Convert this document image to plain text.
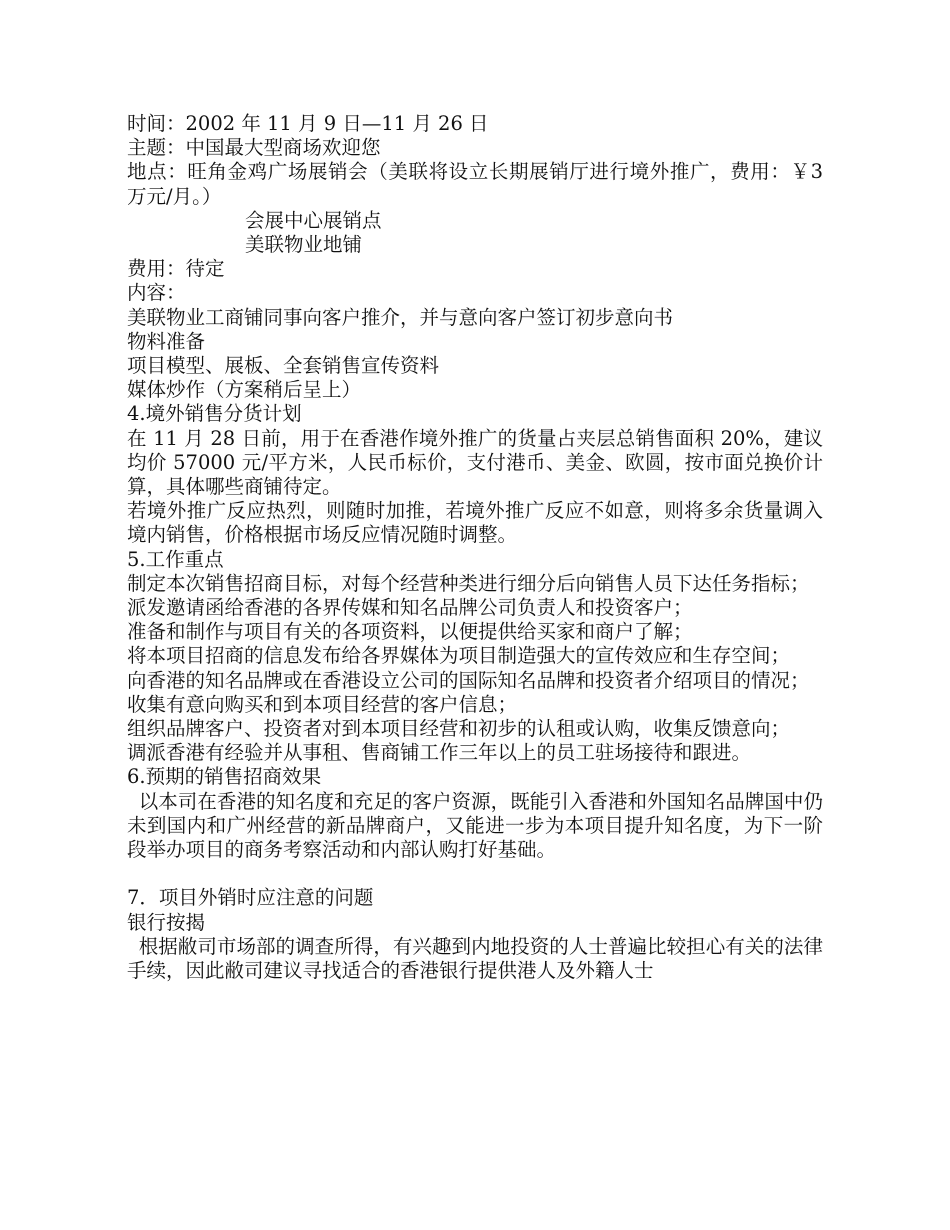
时间：2002 年 11 月 9 日—11 月 26 日

主题：中国最大型商场欢迎您

地点：旺角金鸡广场展销会（美联将设立长期展销厅进行境外推广，费用：￥3 万元/月。）

会展中心展销点

美联物业地铺

费用：待定

内容：

美联物业工商铺同事向客户推介，并与意向客户签订初步意向书

物料准备

项目模型、展板、全套销售宣传资料

媒体炒作（方案稍后呈上）

4.境外销售分货计划

在 11 月 28 日前，用于在香港作境外推广的货量占夹层总销售面积 20%，建议均价 57000 元/平方米，人民币标价，支付港币、美金、欧圆，按市面兑换价计算，具体哪些商铺待定。

若境外推广反应热烈，则随时加推，若境外推广反应不如意，则将多余货量调入境内销售，价格根据市场反应情况随时调整。

5.工作重点

制定本次销售招商目标，对每个经营种类进行细分后向销售人员下达任务指标；

派发邀请函给香港的各界传媒和知名品牌公司负责人和投资客户；

准备和制作与项目有关的各项资料，以便提供给买家和商户了解；

将本项目招商的信息发布给各界媒体为项目制造强大的宣传效应和生存空间；

向香港的知名品牌或在香港设立公司的国际知名品牌和投资者介绍项目的情况；

收集有意向购买和到本项目经营的客户信息；

组织品牌客户、投资者对到本项目经营和初步的认租或认购，收集反馈意向；

调派香港有经验并从事租、售商铺工作三年以上的员工驻场接待和跟进。

6.预期的销售招商效果

以本司在香港的知名度和充足的客户资源，既能引入香港和外国知名品牌国中仍未到国内和广州经营的新品牌商户，又能进一步为本项目提升知名度，为下一阶段举办项目的商务考察活动和内部认购打好基础。

7．项目外销时应注意的问题

银行按揭

根据敝司市场部的调查所得，有兴趣到内地投资的人士普遍比较担心有关的法律手续，因此敝司建议寻找适合的香港银行提供港人及外籍人士
